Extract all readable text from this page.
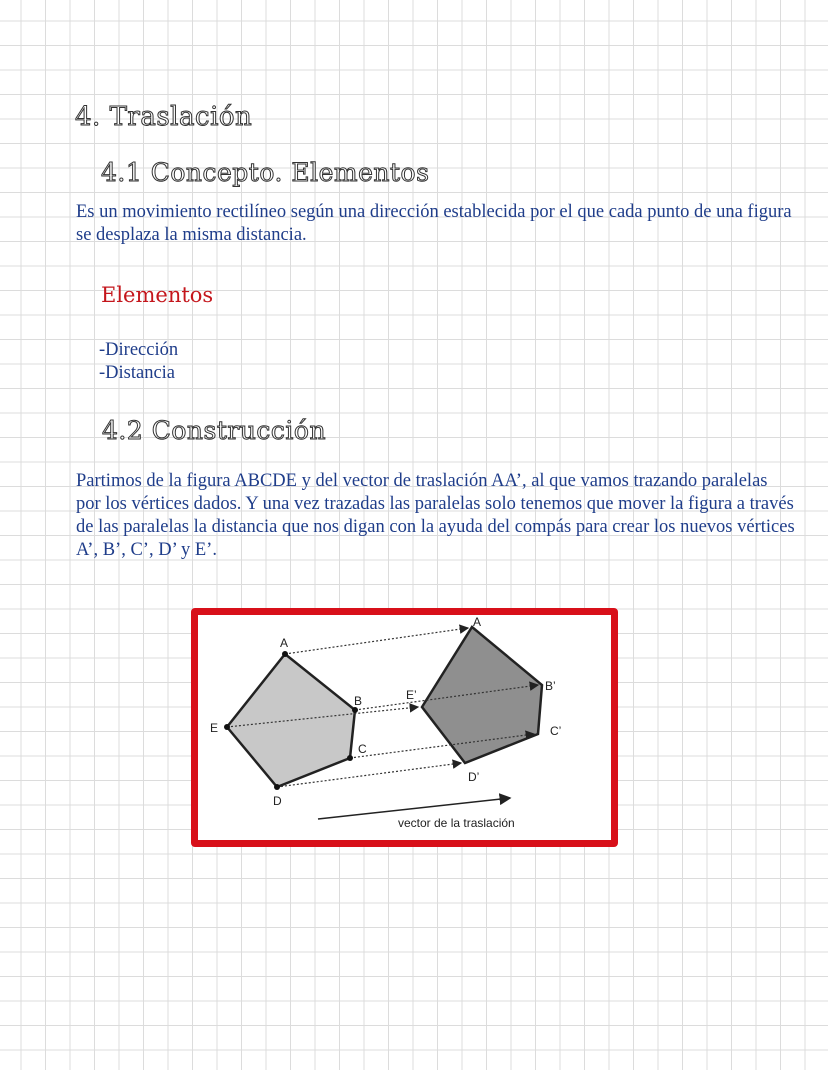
4. Traslación
4.1 Concepto. Elementos

Es un movimiento rectilíneo según una dirección establecida por el que cada punto de una figura se desplaza la misma distancia.

Elementos
-Dirección
-Distancia
4.2 Construcción

Partimos de la figura ABCDE y del vector de traslación AA’, al que vamos trazando paralelas por los vértices dados. Y una vez trazadas las paralelas solo tenemos que mover la figura a través de las paralelas la distancia que nos digan con la ayuda del compás para crear los nuevos vértices A’, B’, C’, D’ y E’.

A
B
C
D
E
A
B’
C’
D’
E’
vector de la traslación
